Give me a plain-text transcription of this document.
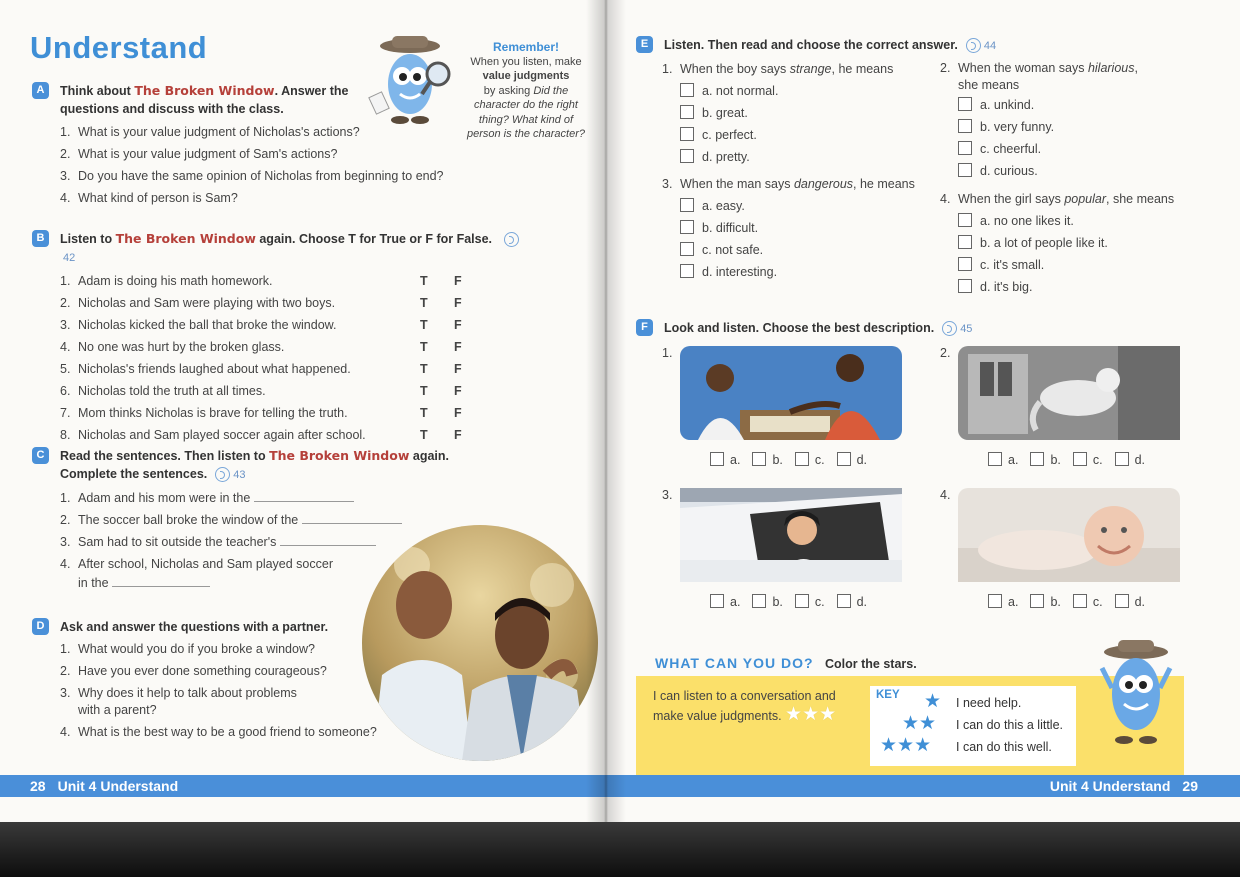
Understand	Remember!
When you listen, make
value judgments
by asking Did the character do the right thing? What kind of person is the character?
A	Think about The Broken Window. Answer the
questions and discuss with the class.
1. What is your value judgment of Nicholas's actions?
2. What is your value judgment of Sam's actions?
3. Do you have the same opinion of Nicholas from beginning to end?
4. What kind of person is Sam?
B	Listen to The Broken Window again. Choose T for True or F for False. 42
1. Adam is doing his math homework.	T F
2. Nicholas and Sam were playing with two boys.	T F
3. Nicholas kicked the ball that broke the window.	T F
4. No one was hurt by the broken glass.	T F
5. Nicholas's friends laughed about what happened.	T F
6. Nicholas told the truth at all times.	T F
7. Mom thinks Nicholas is brave for telling the truth.	T F
8. Nicholas and Sam played soccer again after school.	T F
C	Read the sentences. Then listen to The Broken Window again.
Complete the sentences. 43
1. Adam and his mom were in the
2. The soccer ball broke the window of the
3. Sam had to sit outside the teacher's
4. After school, Nicholas and Sam played soccer
in the
D	Ask and answer the questions with a partner.
1. What would you do if you broke a window?
2. Have you ever done something courageous?
3. Why does it help to talk about problems
with a parent?
4. What is the best way to be a good friend to someone?
28 Unit 4 Understand
E	Listen. Then read and choose the correct answer. 44
1. When the boy says strange, he means
a. not normal.
b. great.
c. perfect.
d. pretty.
2. When the woman says hilarious,
she means
a. unkind.
b. very funny.
c. cheerful.
d. curious.
3. When the man says dangerous, he means
a. easy.
b. difficult.
c. not safe.
d. interesting.
4. When the girl says popular, she means
a. no one likes it.
b. a lot of people like it.
c. it's small.
d. it's big.
F	Look and listen. Choose the best description. 45
1.
a.	b.	c.	d.
2.
a.	b.	c.	d.
3.
a.	b.	c.	d.
4.
a.	b.	c.	d.
WHAT CAN YOU DO? Color the stars.
I can listen to a conversation and make value judgments. ★★★
KEY ★ I need help.
★★ I can do this a little.
★★★ I can do this well.
Unit 4 Understand 29
